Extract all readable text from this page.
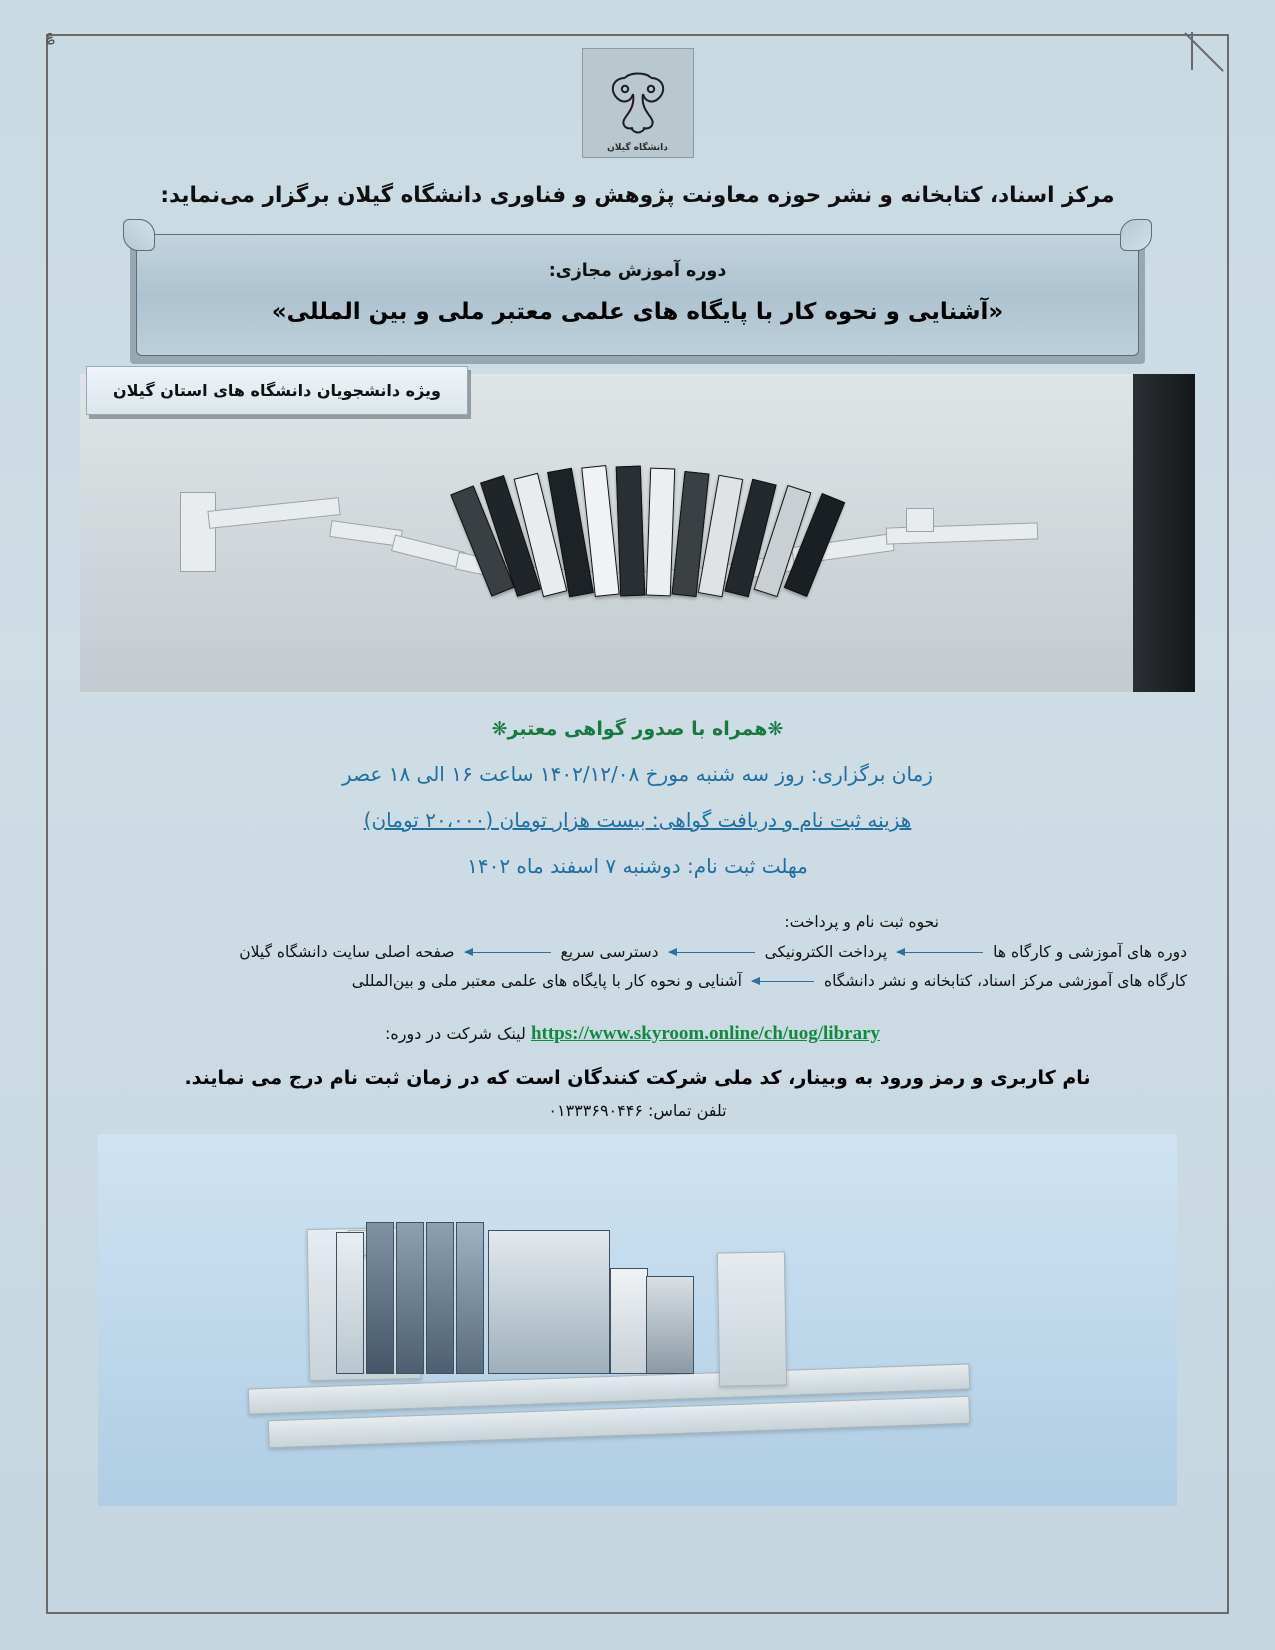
؏
دانشگاه گیلان
مرکز اسناد، کتابخانه و نشر حوزه معاونت پژوهش و فناوری دانشگاه گیلان برگزار می‌نماید:
دوره آموزش مجازی:
«آشنایی و نحوه کار با پایگاه های علمی معتبر ملی و بین المللی»
ویژه دانشجویان دانشگاه های استان گیلان
❋همراه با صدور گواهی معتبر❋
زمان برگزاری: روز سه شنبه مورخ ۱۴۰۲/۱۲/۰۸ ساعت ۱۶ الی ۱۸ عصر
هزینه ثبت نام و دریافت گواهی: بیست هزار تومان (۲۰،۰۰۰ تومان)
مهلت ثبت نام: دوشنبه ۷ اسفند ماه ۱۴۰۲
نحوه ثبت نام و پرداخت:
دوره های آموزشی و کارگاه ها
پرداخت الکترونیکی
دسترسی سریع
صفحه اصلی سایت دانشگاه گیلان
کارگاه های آموزشی مرکز اسناد، کتابخانه و نشر دانشگاه
آشنایی و نحوه کار با پایگاه های علمی معتبر ملی و بین‌المللی
https://www.skyroom.online/ch/uog/library لینک شرکت در دوره:
نام کاربری و رمز ورود به وبینار، کد ملی شرکت کنندگان است که در زمان ثبت نام درج می نمایند.
تلفن تماس: ۰۱۳۳۳۶۹۰۴۴۶
